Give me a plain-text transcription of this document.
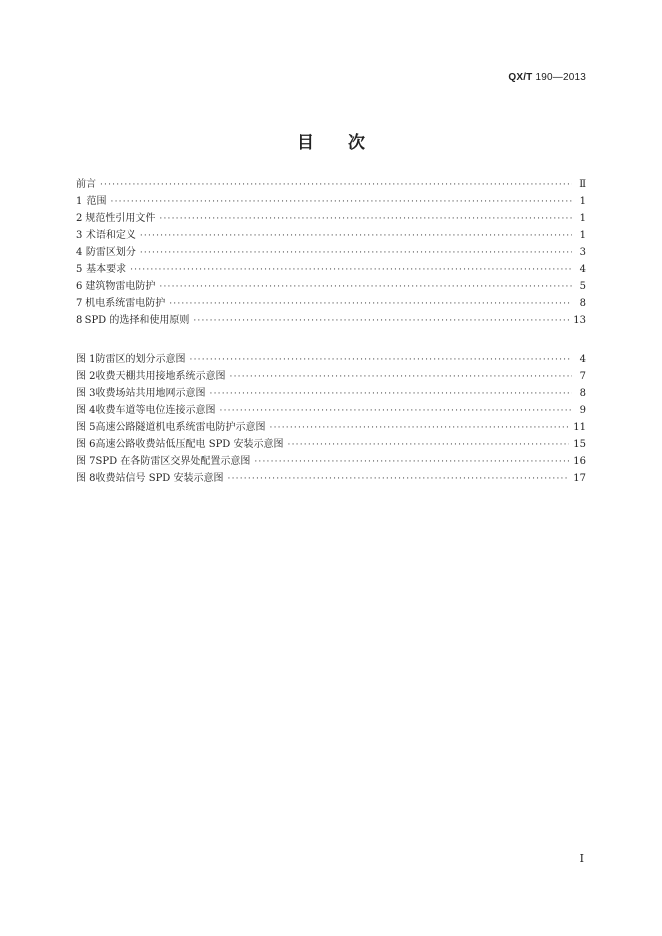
QX/T 190—2013
目 次
前言 ·····	Ⅱ
1 范围 ·····	1
2 规范性引用文件 ·····	1
3 术语和定义 ·····	1
4 防雷区划分 ·····	3
5 基本要求 ·····	4
6 建筑物雷电防护 ·····	5
7 机电系统雷电防护 ·····	8
8 SPD 的选择和使用原则 ·····	13
图 1 防雷区的划分示意图 ·····	4
图 2 收费天棚共用接地系统示意图 ·····	7
图 3 收费场站共用地网示意图 ·····	8
图 4 收费车道等电位连接示意图 ·····	9
图 5 高速公路隧道机电系统雷电防护示意图 ·····	11
图 6 高速公路收费站低压配电 SPD 安装示意图 ·····	15
图 7 SPD 在各防雷区交界处配置示意图 ·····	16
图 8 收费站信号 SPD 安装示意图 ·····	17
I
